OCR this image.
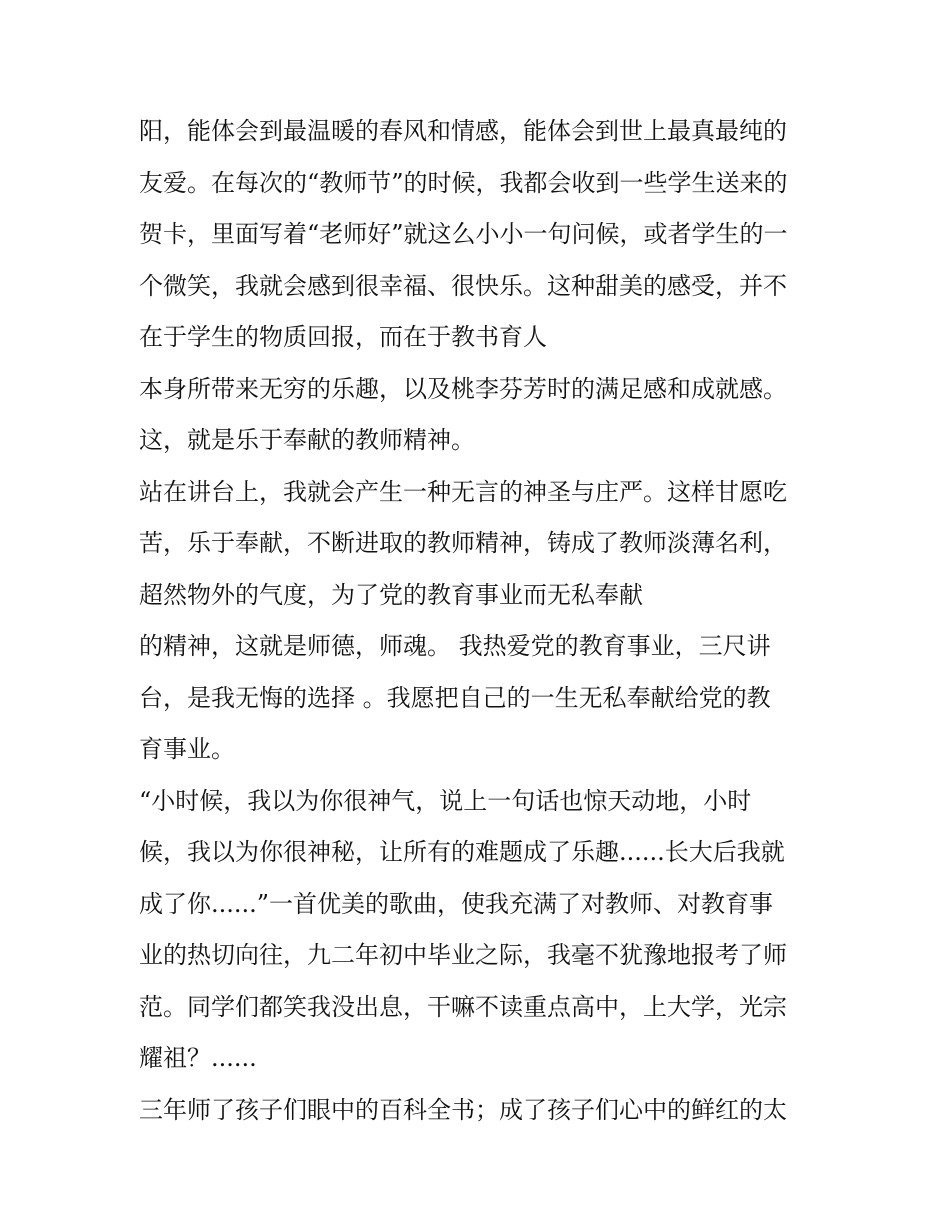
阳，能体会到最温暖的春风和情感，能体会到世上最真最纯的
友爱。在每次的“教师节”的时候，我都会收到一些学生送来的
贺卡，里面写着“老师好”就这么小小一句问候，或者学生的一
个微笑，我就会感到很幸福、很快乐。这种甜美的感受，并不
在于学生的物质回报，而在于教书育人
本身所带来无穷的乐趣，以及桃李芬芳时的满足感和成就感。
这，就是乐于奉献的教师精神。
站在讲台上，我就会产生一种无言的神圣与庄严。这样甘愿吃
苦，乐于奉献，不断进取的教师精神，铸成了教师淡薄名利，
超然物外的气度，为了党的教育事业而无私奉献
的精神，这就是师德，师魂。 我热爱党的教育事业，三尺讲
台，是我无悔的选择 。我愿把自己的一生无私奉献给党的教
育事业。
“小时候，我以为你很神气，说上一句话也惊天动地，小时
候，我以为你很神秘，让所有的难题成了乐趣......长大后我就
成了你......”一首优美的歌曲，使我充满了对教师、对教育事
业的热切向往，九二年初中毕业之际，我毫不犹豫地报考了师
范。同学们都笑我没出息，干嘛不读重点高中，上大学，光宗
耀祖？......
三年师了孩子们眼中的百科全书；成了孩子们心中的鲜红的太
